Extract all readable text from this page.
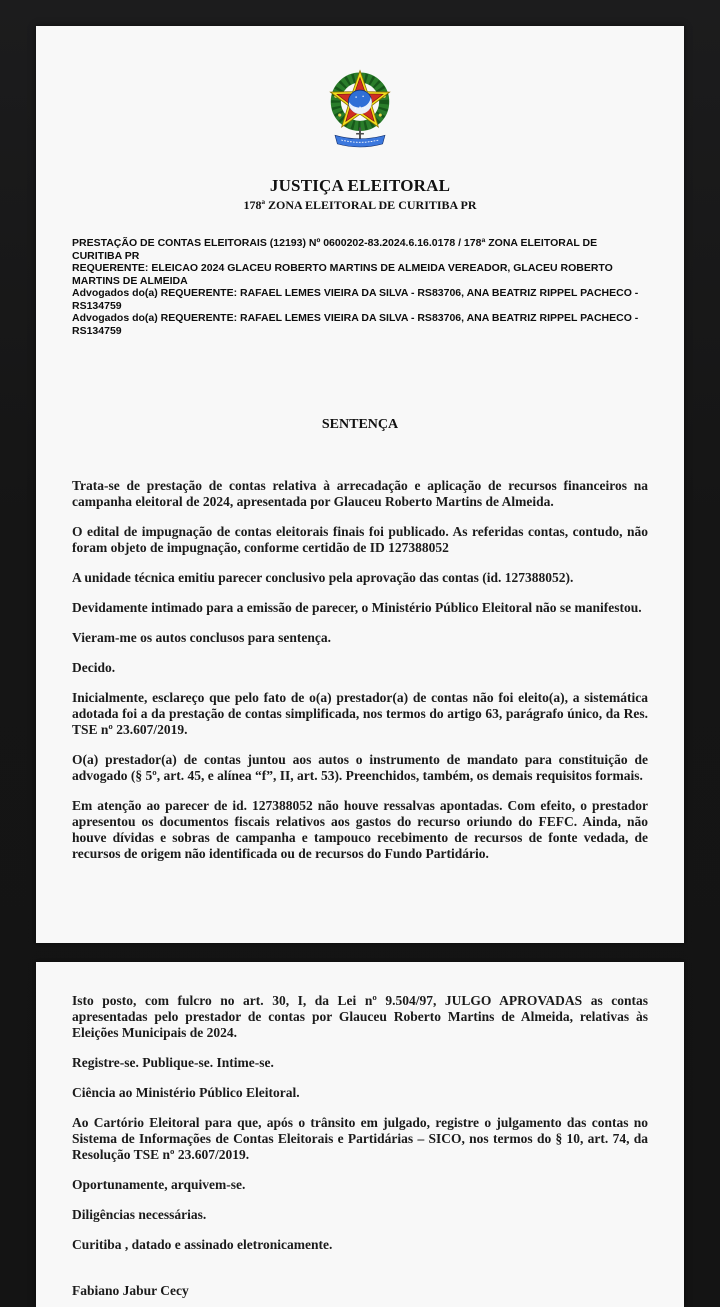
JUSTIÇA ELEITORAL
178ª ZONA ELEITORAL DE CURITIBA PR

PRESTAÇÃO DE CONTAS ELEITORAIS (12193) Nº 0600202-83.2024.6.16.0178 / 178ª ZONA ELEITORAL DE CURITIBA PR

REQUERENTE: ELEICAO 2024 GLACEU ROBERTO MARTINS DE ALMEIDA VEREADOR, GLACEU ROBERTO MARTINS DE ALMEIDA

Advogados do(a) REQUERENTE: RAFAEL LEMES VIEIRA DA SILVA - RS83706, ANA BEATRIZ RIPPEL PACHECO - RS134759

Advogados do(a) REQUERENTE: RAFAEL LEMES VIEIRA DA SILVA - RS83706, ANA BEATRIZ RIPPEL PACHECO - RS134759

SENTENÇA

Trata-se de prestação de contas relativa à arrecadação e aplicação de recursos financeiros na campanha eleitoral de 2024, apresentada por Glauceu Roberto Martins de Almeida.

O edital de impugnação de contas eleitorais finais foi publicado. As referidas contas, contudo, não foram objeto de impugnação, conforme certidão de ID 127388052

A unidade técnica emitiu parecer conclusivo pela aprovação das contas (id. 127388052).

Devidamente intimado para a emissão de parecer, o Ministério Público Eleitoral não se manifestou.

Vieram-me os autos conclusos para sentença.

Decido.

Inicialmente, esclareço que pelo fato de o(a) prestador(a) de contas não foi eleito(a), a sistemática adotada foi a da prestação de contas simplificada, nos termos do artigo 63, parágrafo único, da Res. TSE nº 23.607/2019.

O(a) prestador(a) de contas juntou aos autos o instrumento de mandato para constituição de advogado (§ 5º, art. 45, e alínea “f”, II, art. 53). Preenchidos, também, os demais requisitos formais.

Em atenção ao parecer de id. 127388052 não houve ressalvas apontadas. Com efeito, o prestador apresentou os documentos fiscais relativos aos gastos do recurso oriundo do FEFC. Ainda, não houve dívidas e sobras de campanha e tampouco recebimento de recursos de fonte vedada, de recursos de origem não identificada ou de recursos do Fundo Partidário.

Isto posto, com fulcro no art. 30, I, da Lei nº 9.504/97, JULGO APROVADAS as contas apresentadas pelo prestador de contas por Glauceu Roberto Martins de Almeida, relativas às Eleições Municipais de 2024.

Registre-se. Publique-se. Intime-se.

Ciência ao Ministério Público Eleitoral.

Ao Cartório Eleitoral para que, após o trânsito em julgado, registre o julgamento das contas no Sistema de Informações de Contas Eleitorais e Partidárias – SICO, nos termos do § 10, art. 74, da Resolução TSE nº 23.607/2019.

Oportunamente, arquivem-se.

Diligências necessárias.

Curitiba , datado e assinado eletronicamente.

Fabiano Jabur Cecy
